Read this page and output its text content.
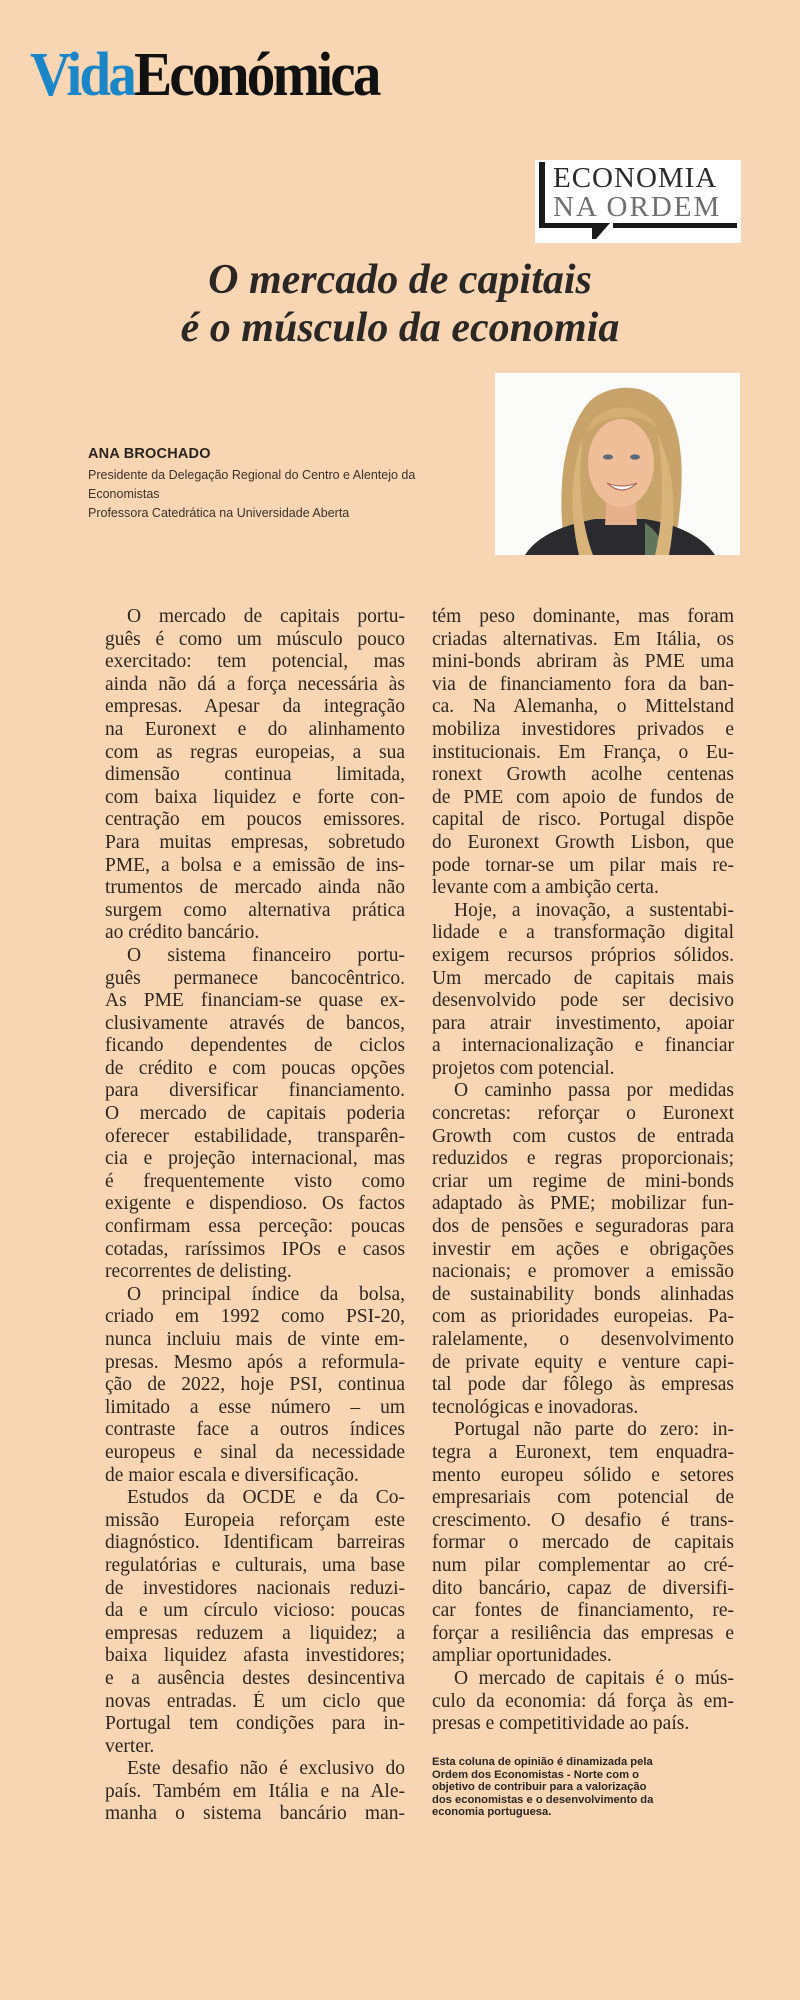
VidaEconómica
ECONOMIA
NA ORDEM
O mercado de capitais
é o músculo da economia
ANA BROCHADO
Presidente da Delegação Regional do Centro e Alentejo da
Economistas
Professora Catedrática na Universidade Aberta
O mercado de capitais portu-
guês é como um músculo pouco
exercitado: tem potencial, mas
ainda não dá a força necessária às
empresas. Apesar da integração
na Euronext e do alinhamento
com as regras europeias, a sua
dimensão continua limitada,
com baixa liquidez e forte con-
centração em poucos emissores.
Para muitas empresas, sobretudo
PME, a bolsa e a emissão de ins-
trumentos de mercado ainda não
surgem como alternativa prática
ao crédito bancário.
O sistema financeiro portu-
guês permanece bancocêntrico.
As PME financiam-se quase ex-
clusivamente através de bancos,
ficando dependentes de ciclos
de crédito e com poucas opções
para diversificar financiamento.
O mercado de capitais poderia
oferecer estabilidade, transparên-
cia e projeção internacional, mas
é frequentemente visto como
exigente e dispendioso. Os factos
confirmam essa perceção: poucas
cotadas, raríssimos IPOs e casos
recorrentes de delisting.
O principal índice da bolsa,
criado em 1992 como PSI-20,
nunca incluiu mais de vinte em-
presas. Mesmo após a reformula-
ção de 2022, hoje PSI, continua
limitado a esse número – um
contraste face a outros índices
europeus e sinal da necessidade
de maior escala e diversificação.
Estudos da OCDE e da Co-
missão Europeia reforçam este
diagnóstico. Identificam barreiras
regulatórias e culturais, uma base
de investidores nacionais reduzi-
da e um círculo vicioso: poucas
empresas reduzem a liquidez; a
baixa liquidez afasta investidores;
e a ausência destes desincentiva
novas entradas. É um ciclo que
Portugal tem condições para in-
verter.
Este desafio não é exclusivo do
país. Também em Itália e na Ale-
manha o sistema bancário man-
tém peso dominante, mas foram
criadas alternativas. Em Itália, os
mini-bonds abriram às PME uma
via de financiamento fora da ban-
ca. Na Alemanha, o Mittelstand
mobiliza investidores privados e
institucionais. Em França, o Eu-
ronext Growth acolhe centenas
de PME com apoio de fundos de
capital de risco. Portugal dispõe
do Euronext Growth Lisbon, que
pode tornar-se um pilar mais re-
levante com a ambição certa.
Hoje, a inovação, a sustentabi-
lidade e a transformação digital
exigem recursos próprios sólidos.
Um mercado de capitais mais
desenvolvido pode ser decisivo
para atrair investimento, apoiar
a internacionalização e financiar
projetos com potencial.
O caminho passa por medidas
concretas: reforçar o Euronext
Growth com custos de entrada
reduzidos e regras proporcionais;
criar um regime de mini-bonds
adaptado às PME; mobilizar fun-
dos de pensões e seguradoras para
investir em ações e obrigações
nacionais; e promover a emissão
de sustainability bonds alinhadas
com as prioridades europeias. Pa-
ralelamente, o desenvolvimento
de private equity e venture capi-
tal pode dar fôlego às empresas
tecnológicas e inovadoras.
Portugal não parte do zero: in-
tegra a Euronext, tem enquadra-
mento europeu sólido e setores
empresariais com potencial de
crescimento. O desafio é trans-
formar o mercado de capitais
num pilar complementar ao cré-
dito bancário, capaz de diversifi-
car fontes de financiamento, re-
forçar a resiliência das empresas e
ampliar oportunidades.
O mercado de capitais é o mús-
culo da economia: dá força às em-
presas e competitividade ao país.
Esta coluna de opinião é dinamizada pela
Ordem dos Economistas - Norte com o
objetivo de contribuir para a valorização
dos economistas e o desenvolvimento da
economia portuguesa.
